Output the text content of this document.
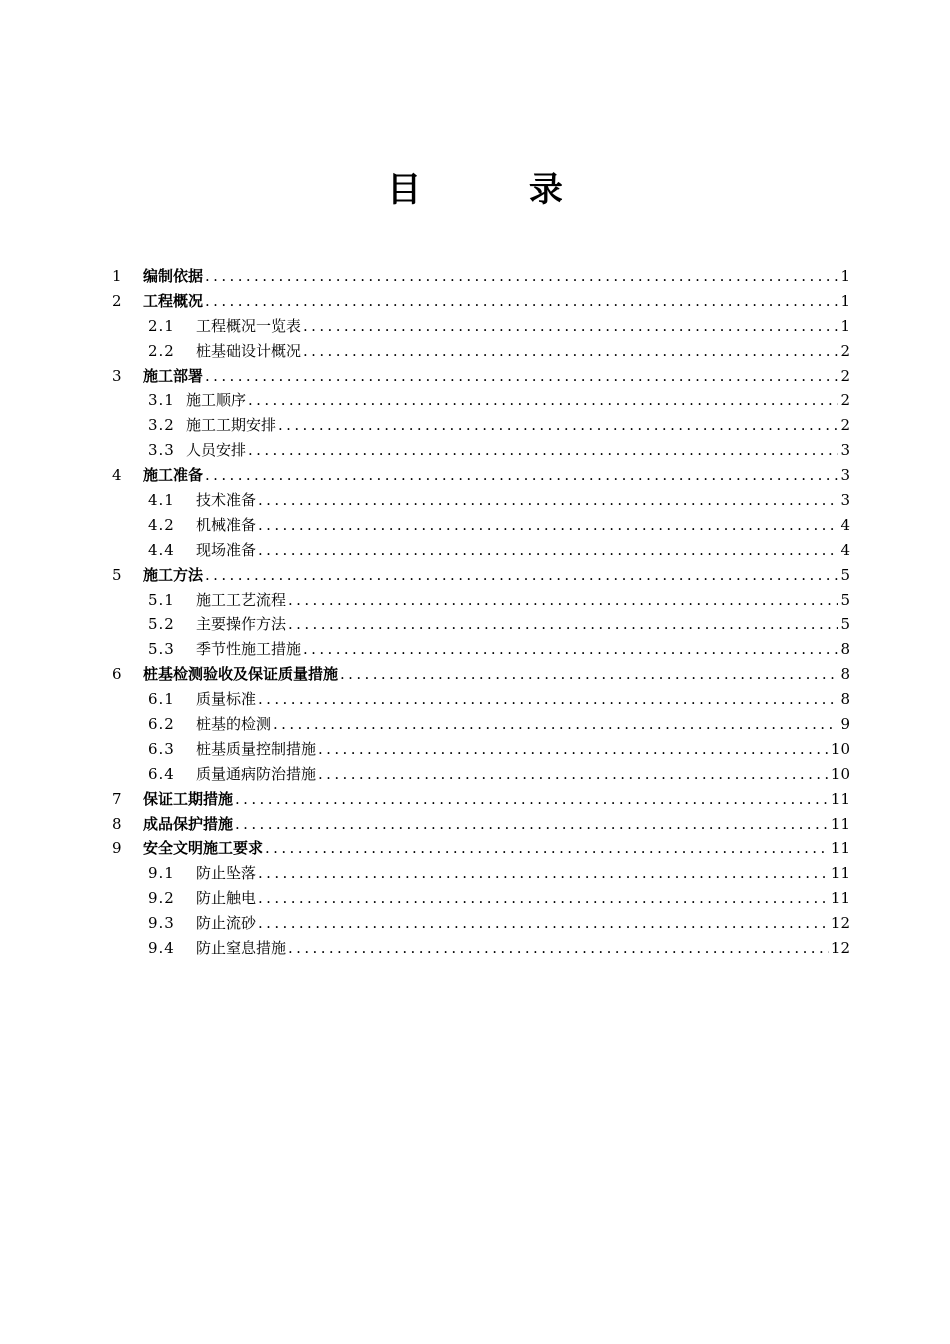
目 录
1	编制依据 .....	1
2	工程概况 .....	1
2.1	工程概况一览表 .....	1
2.2	桩基础设计概况 .....	2
3	施工部署 .....	2
3.1 施工顺序 .....	2
3.2 施工工期安排 .....	2
3.3 人员安排 .....	3
4	施工准备 .....	3
4.1	技术准备 .....	3
4.2	机械准备 .....	4
4.4	现场准备 .....	4
5	施工方法 .....	5
5.1	施工工艺流程 .....	5
5.2	主要操作方法 .....	5
5.3	季节性施工措施 .....	8
6	桩基检测验收及保证质量措施 .....	8
6.1	质量标准 .....	8
6.2	桩基的检测 .....	9
6.3	桩基质量控制措施 .....	10
6.4	质量通病防治措施 .....	10
7	保证工期措施 .....	11
8	成品保护措施 .....	11
9	安全文明施工要求 .....	11
9.1	防止坠落 .....	11
9.2	防止触电 .....	11
9.3	防止流砂 .....	12
9.4	防止窒息措施 .....	12
